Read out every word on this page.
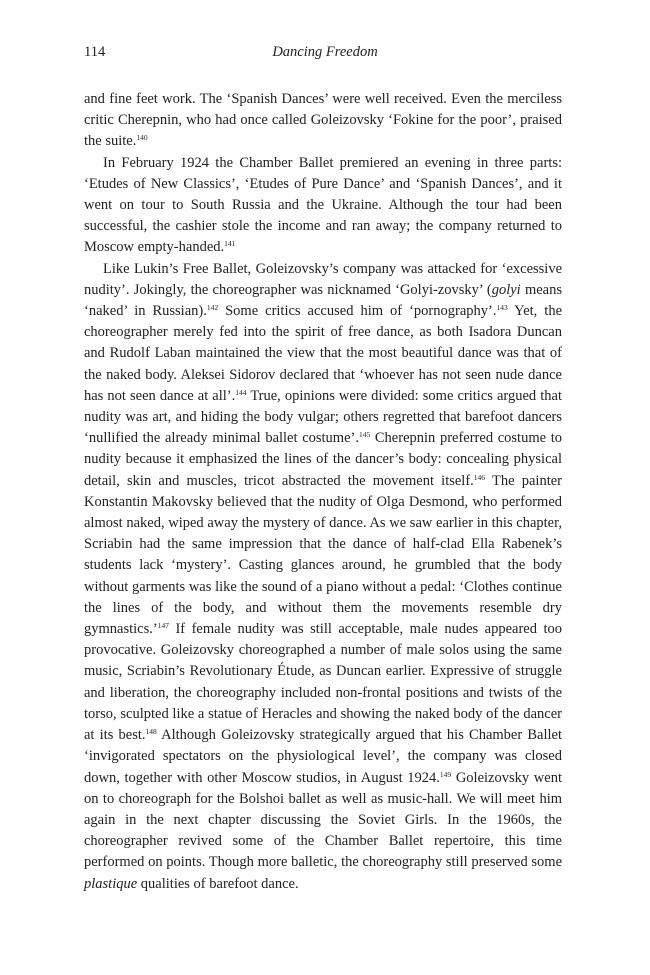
114	Dancing Freedom

and fine feet work. The ‘Spanish Dances’ were well received. Even the merciless critic Cherepnin, who had once called Goleizovsky ‘Fokine for the poor’, praised the suite.$^{140}$

In February 1924 the Chamber Ballet premiered an evening in three parts: ‘Etudes of New Classics’, ‘Etudes of Pure Dance’ and ‘Spanish Dances’, and it went on tour to South Russia and the Ukraine. Although the tour had been successful, the cashier stole the income and ran away; the company returned to Moscow empty-handed.$^{141}$

Like Lukin’s Free Ballet, Goleizovsky’s company was attacked for ‘excessive nudity’. Jokingly, the choreographer was nicknamed ‘Golyi-zovsky’ (golyi means ‘naked’ in Russian).$^{142}$ Some critics accused him of ‘pornography’.$^{143}$ Yet, the choreographer merely fed into the spirit of free dance, as both Isadora Duncan and Rudolf Laban maintained the view that the most beautiful dance was that of the naked body. Aleksei Sidorov declared that ‘whoever has not seen nude dance has not seen dance at all’.$^{144}$ True, opinions were divided: some critics argued that nudity was art, and hiding the body vulgar; others regretted that barefoot dancers ‘nullified the already minimal ballet costume’.$^{145}$ Cherepnin preferred costume to nudity because it emphasized the lines of the dancer’s body: concealing physical detail, skin and muscles, tricot abstracted the movement itself.$^{146}$ The painter Konstantin Makovsky believed that the nudity of Olga Desmond, who performed almost naked, wiped away the mystery of dance. As we saw earlier in this chapter, Scriabin had the same impression that the dance of half-clad Ella Rabenek’s students lack ‘mystery’. Casting glances around, he grumbled that the body without garments was like the sound of a piano without a pedal: ‘Clothes continue the lines of the body, and without them the movements resemble dry gymnastics.’$^{147}$ If female nudity was still acceptable, male nudes appeared too provocative. Goleizovsky choreographed a number of male solos using the same music, Scriabin’s Revolutionary Étude, as Duncan earlier. Expressive of struggle and liberation, the choreography included non-frontal positions and twists of the torso, sculpted like a statue of Heracles and showing the naked body of the dancer at its best.$^{148}$ Although Goleizovsky strategically argued that his Chamber Ballet ‘invigorated spectators on the physiological level’, the company was closed down, together with other Moscow studios, in August 1924.$^{149}$ Goleizovsky went on to choreograph for the Bolshoi ballet as well as music-hall. We will meet him again in the next chapter discussing the Soviet Girls. In the 1960s, the choreographer revived some of the Chamber Ballet repertoire, this time performed on points. Though more balletic, the choreography still preserved some plastique qualities of barefoot dance.
